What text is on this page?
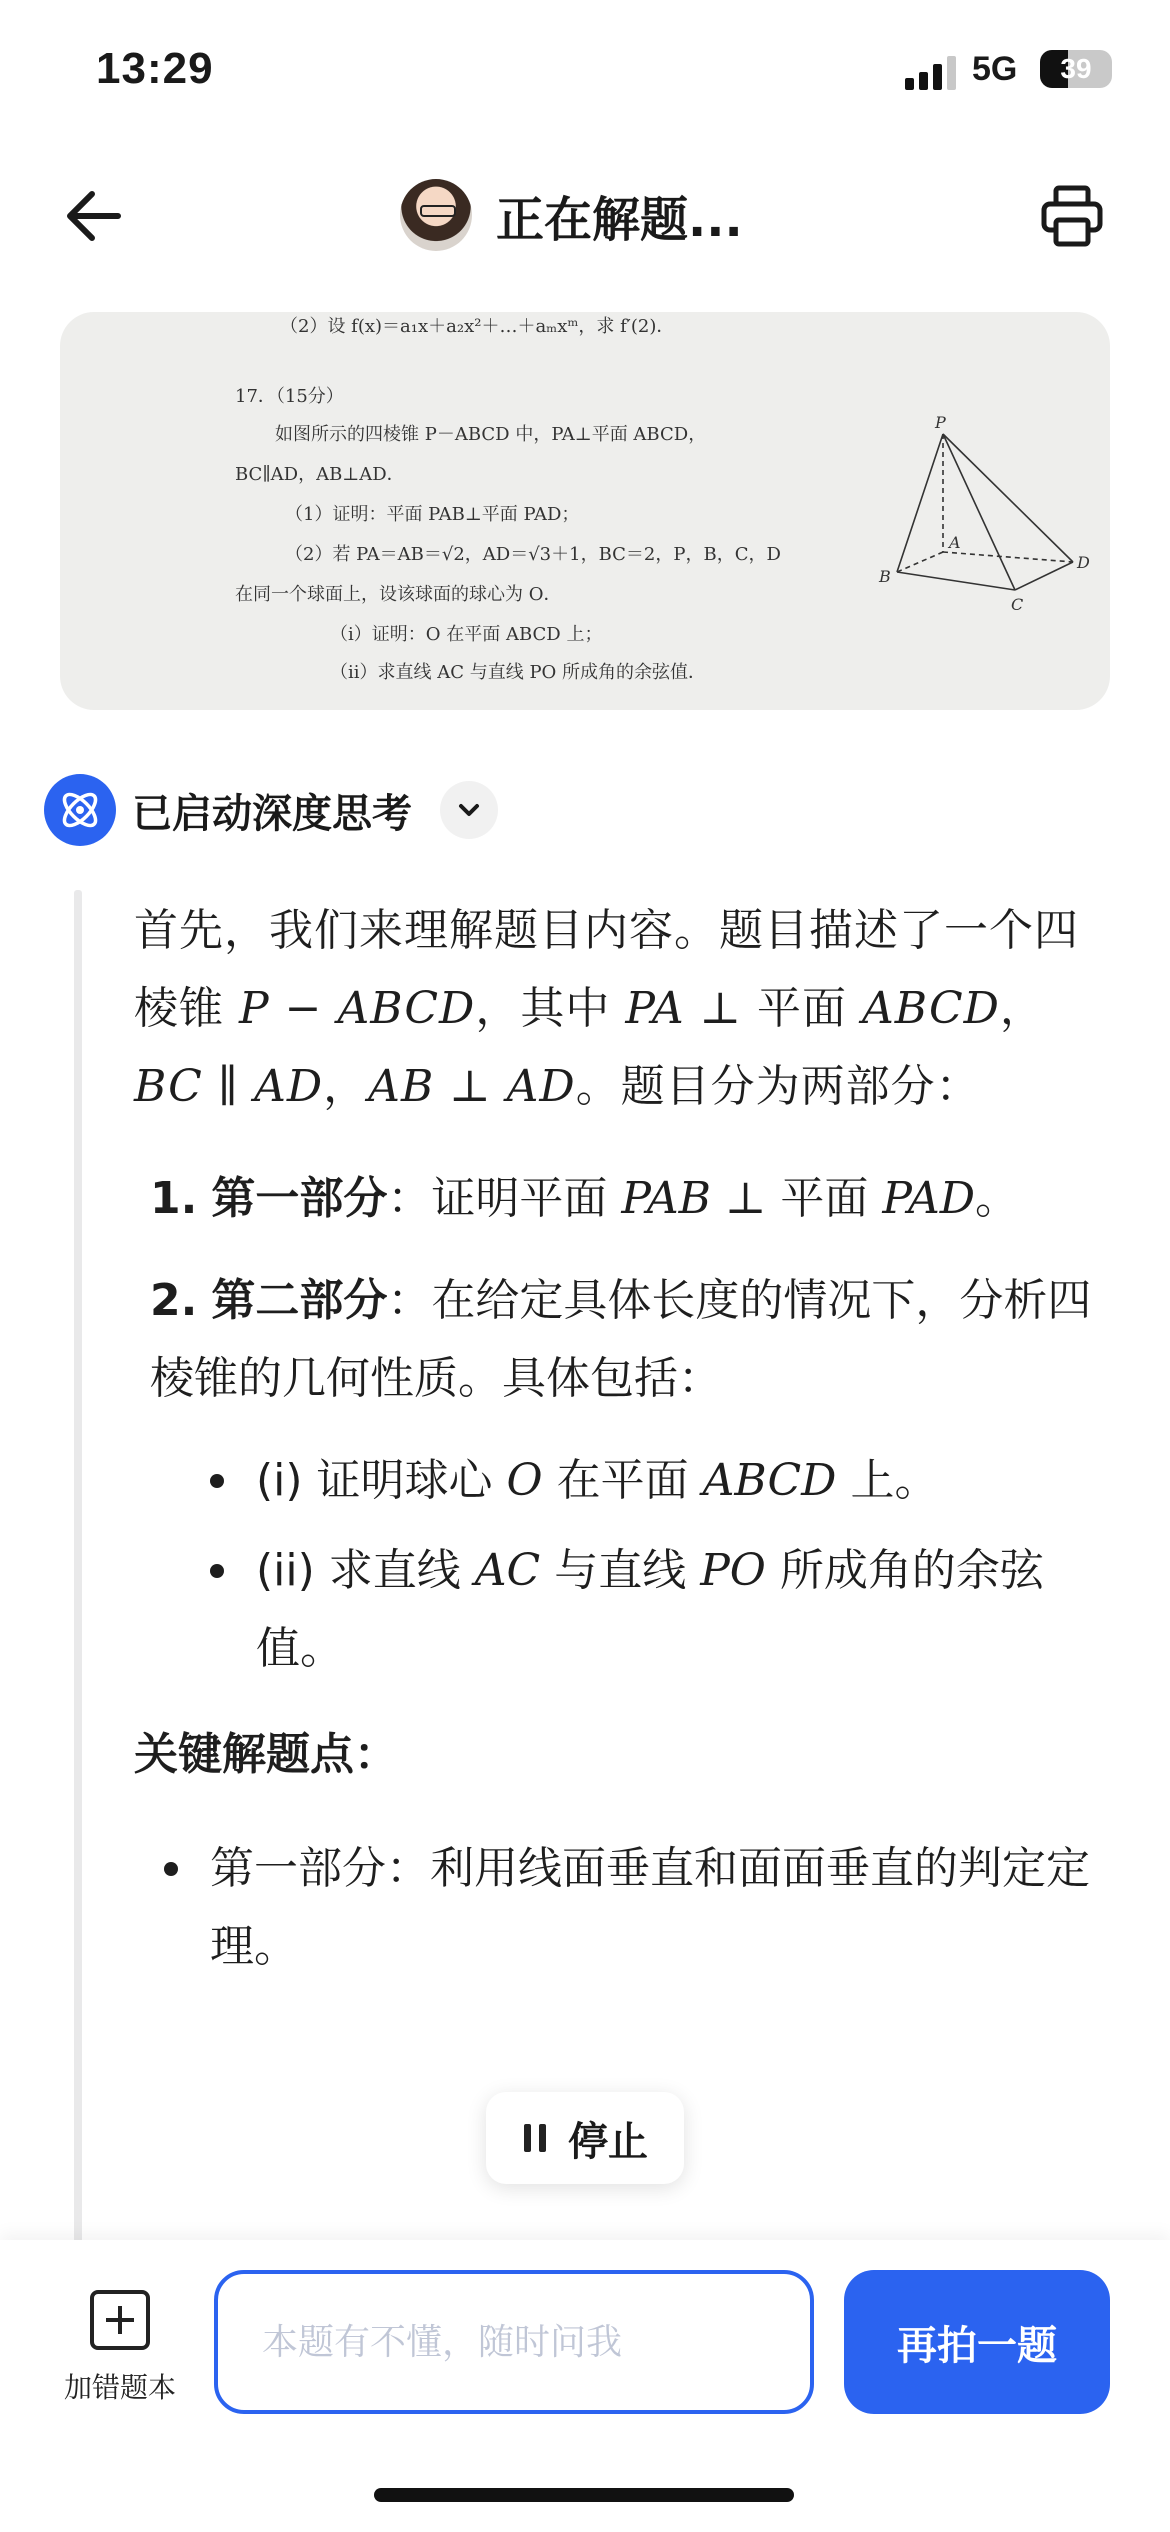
13:29	5G	39
正在解题...
（2）设 f(x)＝a₁x＋a₂x²＋…＋aₘxᵐ，求 f′(2)．
17．（15分）
如图所示的四棱锥 P－ABCD 中，PA⊥平面 ABCD，
BC∥AD，AB⊥AD．
（1）证明：平面 PAB⊥平面 PAD；
（2）若 PA＝AB＝√2，AD＝√3＋1，BC＝2，P，B，C，D
在同一个球面上，设该球面的球心为 O．
（ⅰ）证明：O 在平面 ABCD 上；
（ⅱ）求直线 AC 与直线 PO 所成角的余弦值．
P
A
B
C
D
已启动深度思考
首先，我们来理解题目内容。题目描述了一个四棱锥 P − ABCD，其中 PA ⊥ 平面 ABCD，BC ∥ AD，AB ⊥ AD。题目分为两部分：
1. 第一部分：证明平面 PAB ⊥ 平面 PAD。
2. 第二部分：在给定具体长度的情况下，分析四棱锥的几何性质。具体包括：
(i) 证明球心 O 在平面 ABCD 上。
(ii) 求直线 AC 与直线 PO 所成角的余弦值。
关键解题点：
第一部分：利用线面垂直和面面垂直的判定定理。
停止
加错题本
本题有不懂，随时问我
再拍一题
